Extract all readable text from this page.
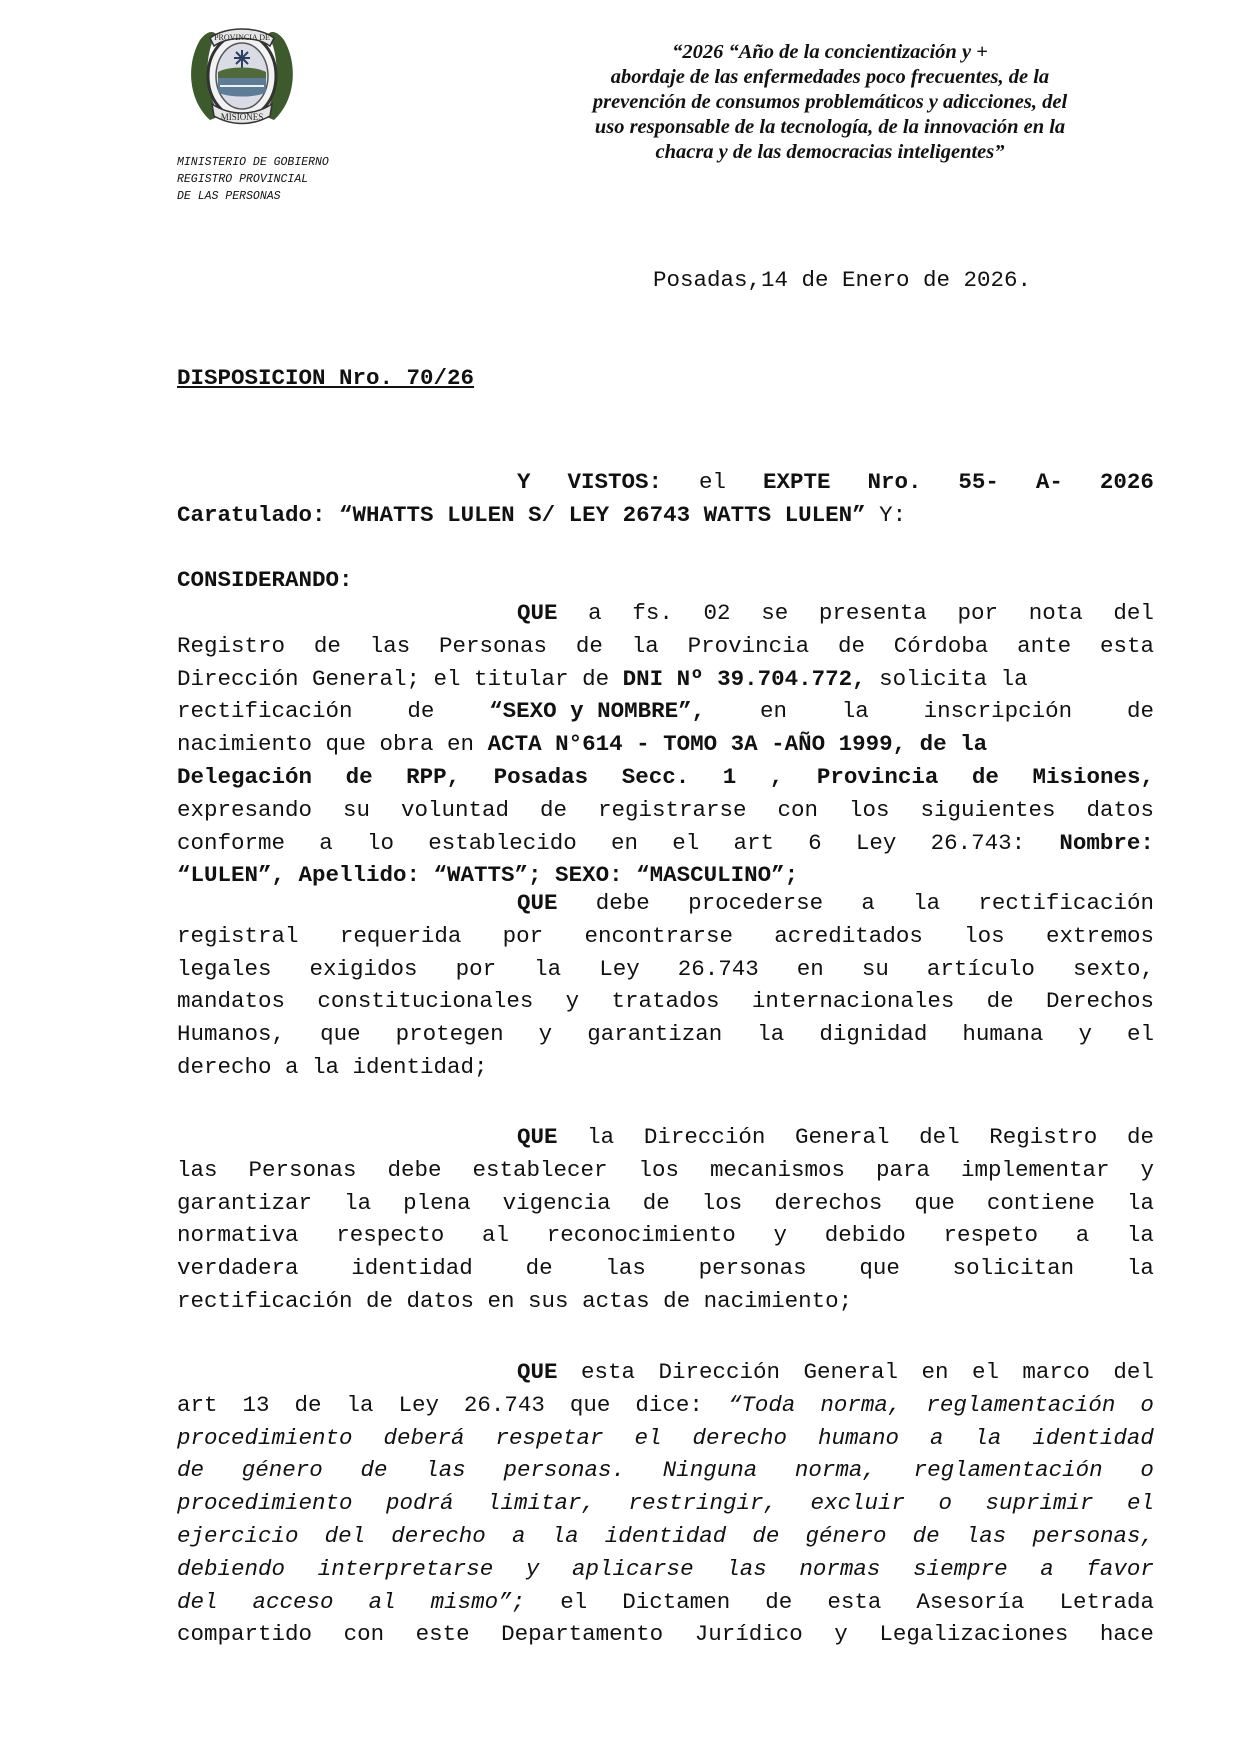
PROVINCIA DE
MISIONES
MINISTERIO DE GOBIERNO
REGISTRO PROVINCIAL
DE LAS PERSONAS
“2026 “Año de la concientización y +
abordaje de las enfermedades poco frecuentes, de la
prevención de consumos problemáticos y adicciones, del
uso responsable de la tecnología, de la innovación en la
chacra y de las democracias inteligentes”
Posadas,14 de Enero de 2026.
DISPOSICION Nro. 70/26
Y VISTOS: el EXPTE Nro. 55- A- 2026
Caratulado: “WHATTS LULEN S/ LEY 26743 WATTS LULEN” Y:
CONSIDERANDO:
QUE a fs. 02 se presenta por nota del
Registro de las Personas de la Provincia de Córdoba ante esta
Dirección General; el titular de DNI Nº 39.704.772, solicita la
rectificación de “SEXO y NOMBRE”, en la inscripción de
nacimiento que obra en ACTA N°614 - TOMO 3A -AÑO 1999, de la
Delegación de RPP, Posadas Secc. 1 , Provincia de Misiones,
expresando su voluntad de registrarse con los siguientes datos
conforme a lo establecido en el art 6 Ley 26.743: Nombre:
“LULEN”, Apellido: “WATTS”; SEXO: “MASCULINO”;
QUE debe procederse a la rectificación
registral requerida por encontrarse acreditados los extremos
legales exigidos por la Ley 26.743 en su artículo sexto,
mandatos constitucionales y tratados internacionales de Derechos
Humanos, que protegen y garantizan la dignidad humana y el
derecho a la identidad;
QUE la Dirección General del Registro de
las Personas debe establecer los mecanismos para implementar y
garantizar la plena vigencia de los derechos que contiene la
normativa respecto al reconocimiento y debido respeto a la
verdadera identidad de las personas que solicitan la
rectificación de datos en sus actas de nacimiento;
QUE esta Dirección General en el marco del
art 13 de la Ley 26.743 que dice: “Toda norma, reglamentación o
procedimiento deberá respetar el derecho humano a la identidad
de género de las personas. Ninguna norma, reglamentación o
procedimiento podrá limitar, restringir, excluir o suprimir el
ejercicio del derecho a la identidad de género de las personas,
debiendo interpretarse y aplicarse las normas siempre a favor
del acceso al mismo”; el Dictamen de esta Asesoría Letrada
compartido con este Departamento Jurídico y Legalizaciones hace
